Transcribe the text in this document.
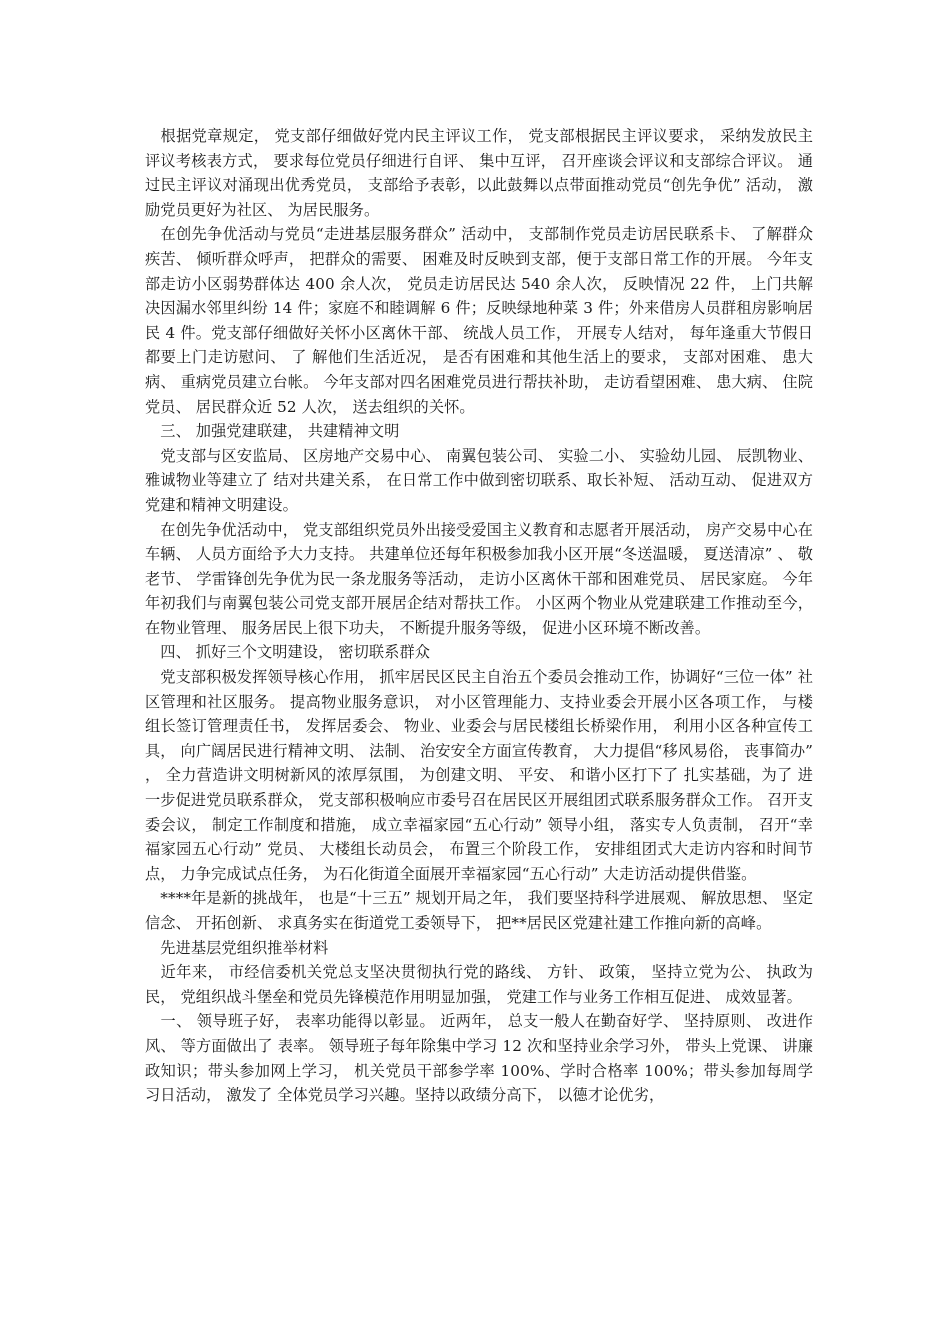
　根据党章规定， 党支部仔细做好党内民主评议工作， 党支部根据民主评议要求， 采纳发放民主评议考核表方式， 要求每位党员仔细进行自评、 集中互评， 召开座谈会评议和支部综合评议。 通过民主评议对涌现出优秀党员， 支部给予表彰，以此鼓舞以点带面推动党员“创先争优” 活动， 激励党员更好为社区、 为居民服务。

　在创先争优活动与党员“走进基层服务群众” 活动中， 支部制作党员走访居民联系卡、 了解群众疾苦、 倾听群众呼声， 把群众的需要、 困难及时反映到支部，便于支部日常工作的开展。 今年支部走访小区弱势群体达 400 余人次， 党员走访居民达 540 余人次， 反映情况 22 件， 上门共解决因漏水邻里纠纷 14 件；家庭不和睦调解 6 件；反映绿地种菜 3 件；外来借房人员群租房影响居民 4 件。党支部仔细做好关怀小区离休干部、 统战人员工作， 开展专人结对， 每年逢重大节假日都要上门走访慰问、 了 解他们生活近况， 是否有困难和其他生活上的要求， 支部对困难、 患大病、 重病党员建立台帐。 今年支部对四名困难党员进行帮扶补助， 走访看望困难、 患大病、 住院党员、 居民群众近 52 人次， 送去组织的关怀。

　三、 加强党建联建， 共建精神文明

　党支部与区安监局、 区房地产交易中心、 南翼包装公司、 实验二小、 实验幼儿园、 辰凯物业、 雅诚物业等建立了 结对共建关系， 在日常工作中做到密切联系、取长补短、 活动互动、 促进双方党建和精神文明建设。

　在创先争优活动中， 党支部组织党员外出接受爱国主义教育和志愿者开展活动， 房产交易中心在车辆、 人员方面给予大力支持。 共建单位还每年积极参加我小区开展“冬送温暖， 夏送清凉” 、 敬老节、 学雷锋创先争优为民一条龙服务等活动， 走访小区离休干部和困难党员、 居民家庭。 今年年初我们与南翼包装公司党支部开展居企结对帮扶工作。 小区两个物业从党建联建工作推动至今， 在物业管理、 服务居民上很下功夫， 不断提升服务等级， 促进小区环境不断改善。

　四、 抓好三个文明建设， 密切联系群众

　党支部积极发挥领导核心作用， 抓牢居民区民主自治五个委员会推动工作，协调好“三位一体” 社区管理和社区服务。 提高物业服务意识， 对小区管理能力、支持业委会开展小区各项工作， 与楼组长签订管理责任书， 发挥居委会、 物业、业委会与居民楼组长桥梁作用， 利用小区各种宣传工具， 向广阔居民进行精神文明、 法制、 治安安全方面宣传教育， 大力提倡“移风易俗， 丧事简办” ， 全力营造讲文明树新风的浓厚氛围， 为创建文明、 平安、 和谐小区打下了 扎实基础，为了 进一步促进党员联系群众， 党支部积极响应市委号召在居民区开展组团式联系服务群众工作。 召开支委会议， 制定工作制度和措施， 成立幸福家园“五心行动” 领导小组， 落实专人负责制， 召开“幸福家园五心行动” 党员、 大楼组长动员会， 布置三个阶段工作， 安排组团式大走访内容和时间节点， 力争完成试点任务， 为石化街道全面展开幸福家园“五心行动” 大走访活动提供借鉴。

　****年是新的挑战年， 也是“十三五” 规划开局之年， 我们要坚持科学进展观、 解放思想、 坚定信念、 开拓创新、 求真务实在街道党工委领导下， 把**居民区党建社建工作推向新的高峰。

　先进基层党组织推举材料

　近年来， 市经信委机关党总支坚决贯彻执行党的路线、 方针、 政策， 坚持立党为公、 执政为民， 党组织战斗堡垒和党员先锋模范作用明显加强， 党建工作与业务工作相互促进、 成效显著。

　一、 领导班子好， 表率功能得以彰显。 近两年， 总支一般人在勤奋好学、 坚持原则、 改进作风、 等方面做出了 表率。 领导班子每年除集中学习 12 次和坚持业余学习外， 带头上党课、 讲廉政知识；带头参加网上学习， 机关党员干部参学率 100%、学时合格率 100%；带头参加每周学习日活动， 激发了 全体党员学习兴趣。坚持以政绩分高下， 以德才论优劣，
